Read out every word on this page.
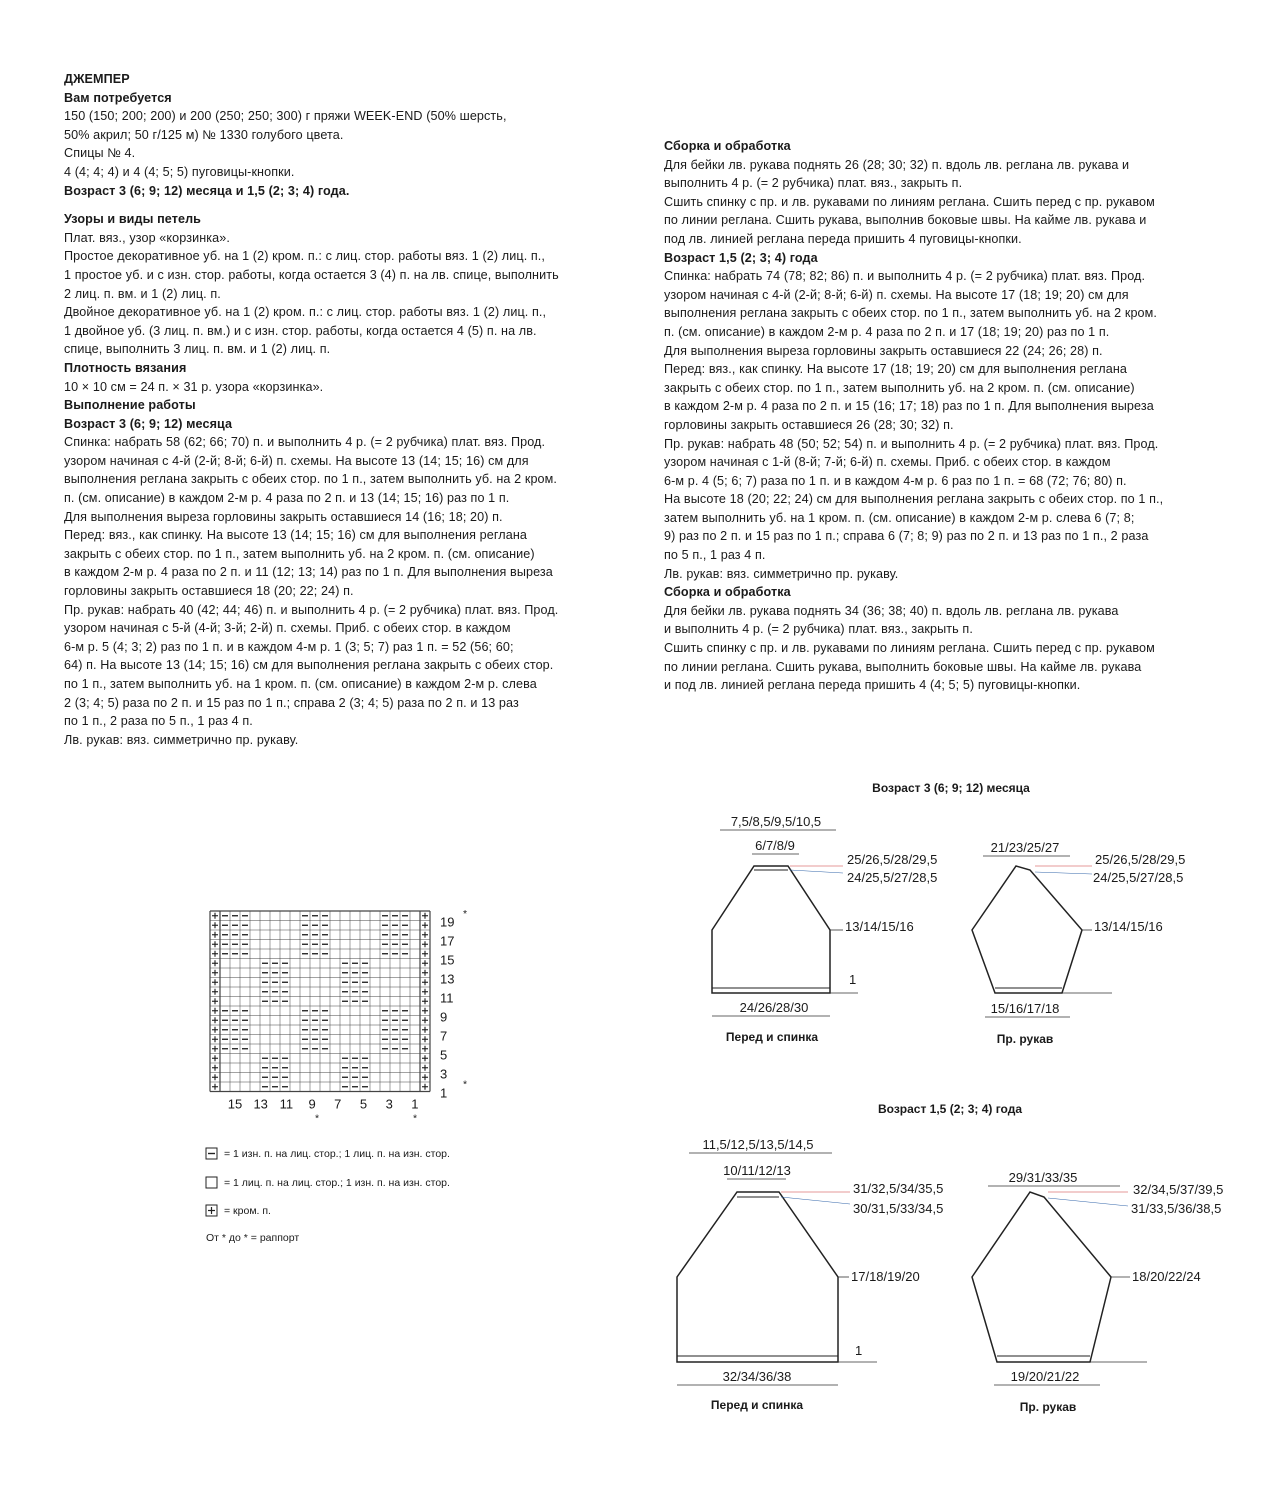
ДЖЕМПЕР

Вам потребуется

150 (150; 200; 200) и 200 (250; 250; 300) г пряжи WEEK-END (50% шерсть,

50% акрил; 50 г/125 м) № 1330 голубого цвета.

Спицы № 4.

4 (4; 4; 4) и 4 (4; 5; 5) пуговицы-кнопки.

Возраст 3 (6; 9; 12) месяца и 1,5 (2; 3; 4) года.

Узоры и виды петель

Плат. вяз., узор «корзинка».

Простое декоративное уб. на 1 (2) кром. п.: с лиц. стор. работы вяз. 1 (2) лиц. п.,

1 простое уб. и с изн. стор. работы, когда остается 3 (4) п. на лв. спице, выполнить

2 лиц. п. вм. и 1 (2) лиц. п.

Двойное декоративное уб. на 1 (2) кром. п.: с лиц. стор. работы вяз. 1 (2) лиц. п.,

1 двойное уб. (3 лиц. п. вм.) и с изн. стор. работы, когда остается 4 (5) п. на лв.

спице, выполнить 3 лиц. п. вм. и 1 (2) лиц. п.

Плотность вязания

10 × 10 см = 24 п. × 31 р. узора «корзинка».

Выполнение работы

Возраст 3 (6; 9; 12) месяца

Спинка: набрать 58 (62; 66; 70) п. и выполнить 4 р. (= 2 рубчика) плат. вяз. Прод.

узором начиная с 4-й (2-й; 8-й; 6-й) п. схемы. На высоте 13 (14; 15; 16) см для

выполнения реглана закрыть с обеих стор. по 1 п., затем выполнить уб. на 2 кром.

п. (см. описание) в каждом 2-м р. 4 раза по 2 п. и 13 (14; 15; 16) раз по 1 п.

Для выполнения выреза горловины закрыть оставшиеся 14 (16; 18; 20) п.

Перед: вяз., как спинку. На высоте 13 (14; 15; 16) см для выполнения реглана

закрыть с обеих стор. по 1 п., затем выполнить уб. на 2 кром. п. (см. описание)

в каждом 2-м р. 4 раза по 2 п. и 11 (12; 13; 14) раз по 1 п. Для выполнения выреза

горловины закрыть оставшиеся 18 (20; 22; 24) п.

Пр. рукав: набрать 40 (42; 44; 46) п. и выполнить 4 р. (= 2 рубчика) плат. вяз. Прод.

узором начиная с 5-й (4-й; 3-й; 2-й) п. схемы. Приб. с обеих стор. в каждом

6-м р. 5 (4; 3; 2) раз по 1 п. и в каждом 4-м р. 1 (3; 5; 7) раз 1 п. = 52 (56; 60;

64) п. На высоте 13 (14; 15; 16) см для выполнения реглана закрыть с обеих стор.

по 1 п., затем выполнить уб. на 1 кром. п. (см. описание) в каждом 2-м р. слева

2 (3; 4; 5) раза по 2 п. и 15 раз по 1 п.; справа 2 (3; 4; 5) раза по 2 п. и 13 раз

по 1 п., 2 раза по 5 п., 1 раз 4 п.

Лв. рукав: вяз. симметрично пр. рукаву.

Сборка и обработка

Для бейки лв. рукава поднять 26 (28; 30; 32) п. вдоль лв. реглана лв. рукава и

выполнить 4 р. (= 2 рубчика) плат. вяз., закрыть п.

Сшить спинку с пр. и лв. рукавами по линиям реглана. Сшить перед с пр. рукавом

по линии реглана. Сшить рукава, выполнив боковые швы. На кайме лв. рукава и

под лв. линией реглана переда пришить 4 пуговицы-кнопки.

Возраст 1,5 (2; 3; 4) года

Спинка: набрать 74 (78; 82; 86) п. и выполнить 4 р. (= 2 рубчика) плат. вяз. Прод.

узором начиная с 4-й (2-й; 8-й; 6-й) п. схемы. На высоте 17 (18; 19; 20) см для

выполнения реглана закрыть с обеих стор. по 1 п., затем выполнить уб. на 2 кром.

п. (см. описание) в каждом 2-м р. 4 раза по 2 п. и 17 (18; 19; 20) раз по 1 п.

Для выполнения выреза горловины закрыть оставшиеся 22 (24; 26; 28) п.

Перед: вяз., как спинку. На высоте 17 (18; 19; 20) см для выполнения реглана

закрыть с обеих стор. по 1 п., затем выполнить уб. на 2 кром. п. (см. описание)

в каждом 2-м р. 4 раза по 2 п. и 15 (16; 17; 18) раз по 1 п. Для выполнения выреза

горловины закрыть оставшиеся 26 (28; 30; 32) п.

Пр. рукав: набрать 48 (50; 52; 54) п. и выполнить 4 р. (= 2 рубчика) плат. вяз. Прод.

узором начиная с 1-й (8-й; 7-й; 6-й) п. схемы. Приб. с обеих стор. в каждом

6-м р. 4 (5; 6; 7) раза по 1 п. и в каждом 4-м р. 6 раз по 1 п. = 68 (72; 76; 80) п.

На высоте 18 (20; 22; 24) см для выполнения реглана закрыть с обеих стор. по 1 п.,

затем выполнить уб. на 1 кром. п. (см. описание) в каждом 2-м р. слева 6 (7; 8;

9) раз по 2 п. и 15 раз по 1 п.; справа 6 (7; 8; 9) раз по 2 п. и 13 раз по 1 п., 2 раза

по 5 п., 1 раз 4 п.

Лв. рукав: вяз. симметрично пр. рукаву.

Сборка и обработка

Для бейки лв. рукава поднять 34 (36; 38; 40) п. вдоль лв. реглана лв. рукава

и выполнить 4 р. (= 2 рубчика) плат. вяз., закрыть п.

Сшить спинку с пр. и лв. рукавами по линиям реглана. Сшить перед с пр. рукавом

по линии реглана. Сшить рукава, выполнить боковые швы. На кайме лв. рукава

и под лв. линией реглана переда пришить 4 (4; 5; 5) пуговицы-кнопки.

19
17
15
13
11
9
7
5
3
1
*
*
15 13 11 9 7 5 3 1
*	*
= 1 изн. п. на лиц. стор.; 1 лиц. п. на изн. стор.
= 1 лиц. п. на лиц. стор.; 1 изн. п. на изн. стор.
= кром. п.
От * до * = раппорт
Возраст 3 (6; 9; 12) месяца
7,5/8,5/9,5/10,5
6/7/8/9
25/26,5/28/29,5
24/25,5/27/28,5
13/14/15/16
1
24/26/28/30
Перед и спинка
21/23/25/27
25/26,5/28/29,5
24/25,5/27/28,5
13/14/15/16
15/16/17/18
Пр. рукав
Возраст 1,5 (2; 3; 4) года
11,5/12,5/13,5/14,5
10/11/12/13
31/32,5/34/35,5
30/31,5/33/34,5
17/18/19/20
1
32/34/36/38
Перед и спинка
29/31/33/35
32/34,5/37/39,5
31/33,5/36/38,5
18/20/22/24
19/20/21/22
Пр. рукав
